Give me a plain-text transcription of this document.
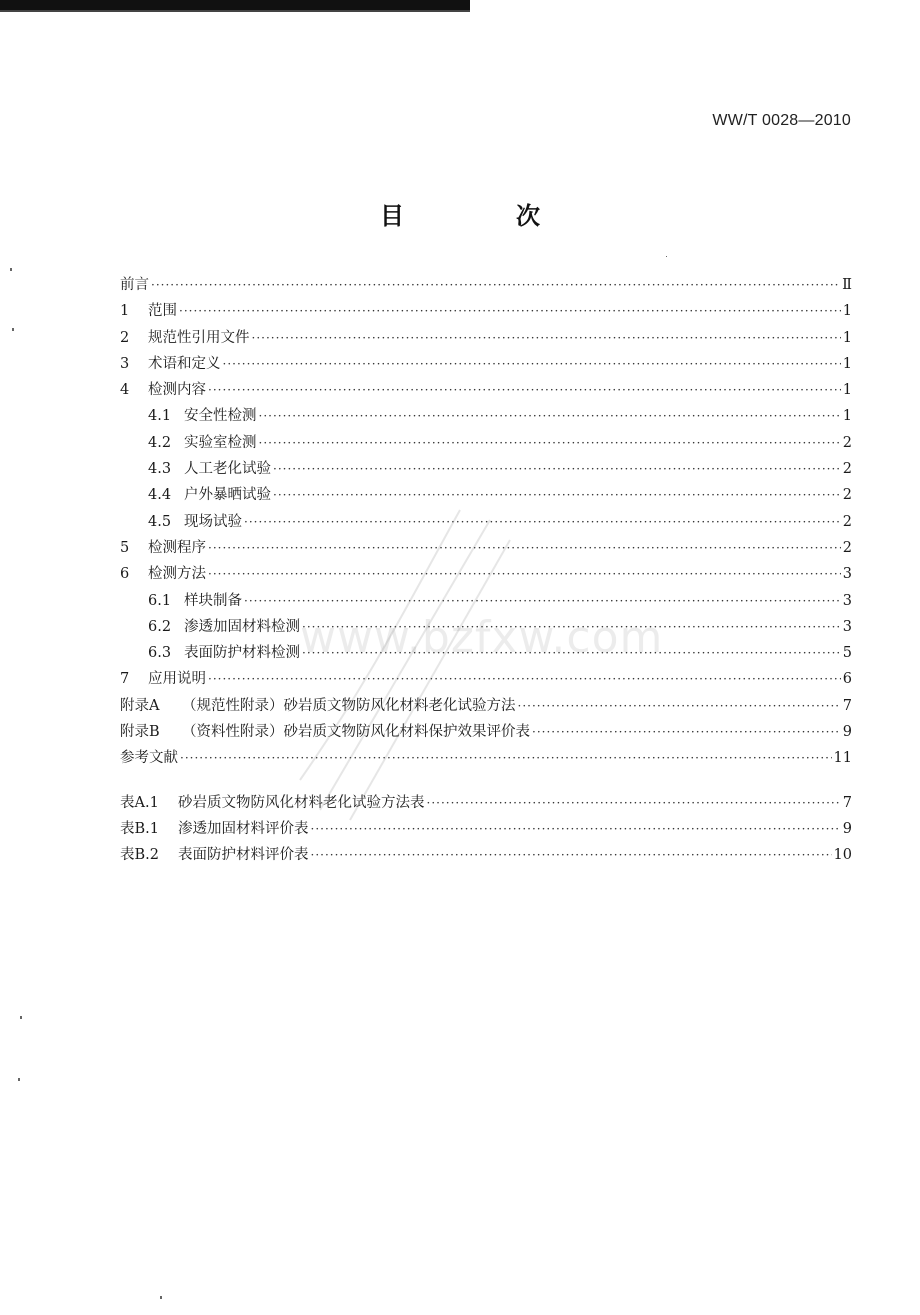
WW/T 0028—2010
目　次
前言 ·····	Ⅱ
1	范围 ·····	1
2	规范性引用文件 ·····	1
3	术语和定义 ·····	1
4	检测内容 ·····	1
4.1 安全性检测 ·····	1
4.2 实验室检测 ·····	2
4.3 人工老化试验 ·····	2
4.4 户外暴晒试验 ·····	2
4.5 现场试验 ·····	2
5	检测程序 ·····	2
6	检测方法 ·····	3
6.1 样块制备 ·····	3
6.2 渗透加固材料检测 ·····	3
6.3 表面防护材料检测 ·····	5
7	应用说明 ·····	6
附录A	（规范性附录）砂岩质文物防风化材料老化试验方法 ·····	7
附录B	（资料性附录）砂岩质文物防风化材料保护效果评价表 ·····	9
参考文献 ·····	11
表A.1	砂岩质文物防风化材料老化试验方法表 ·····	7
表B.1	渗透加固材料评价表 ·····	9
表B.2	表面防护材料评价表 ·····	10
www.bzfxw.com
